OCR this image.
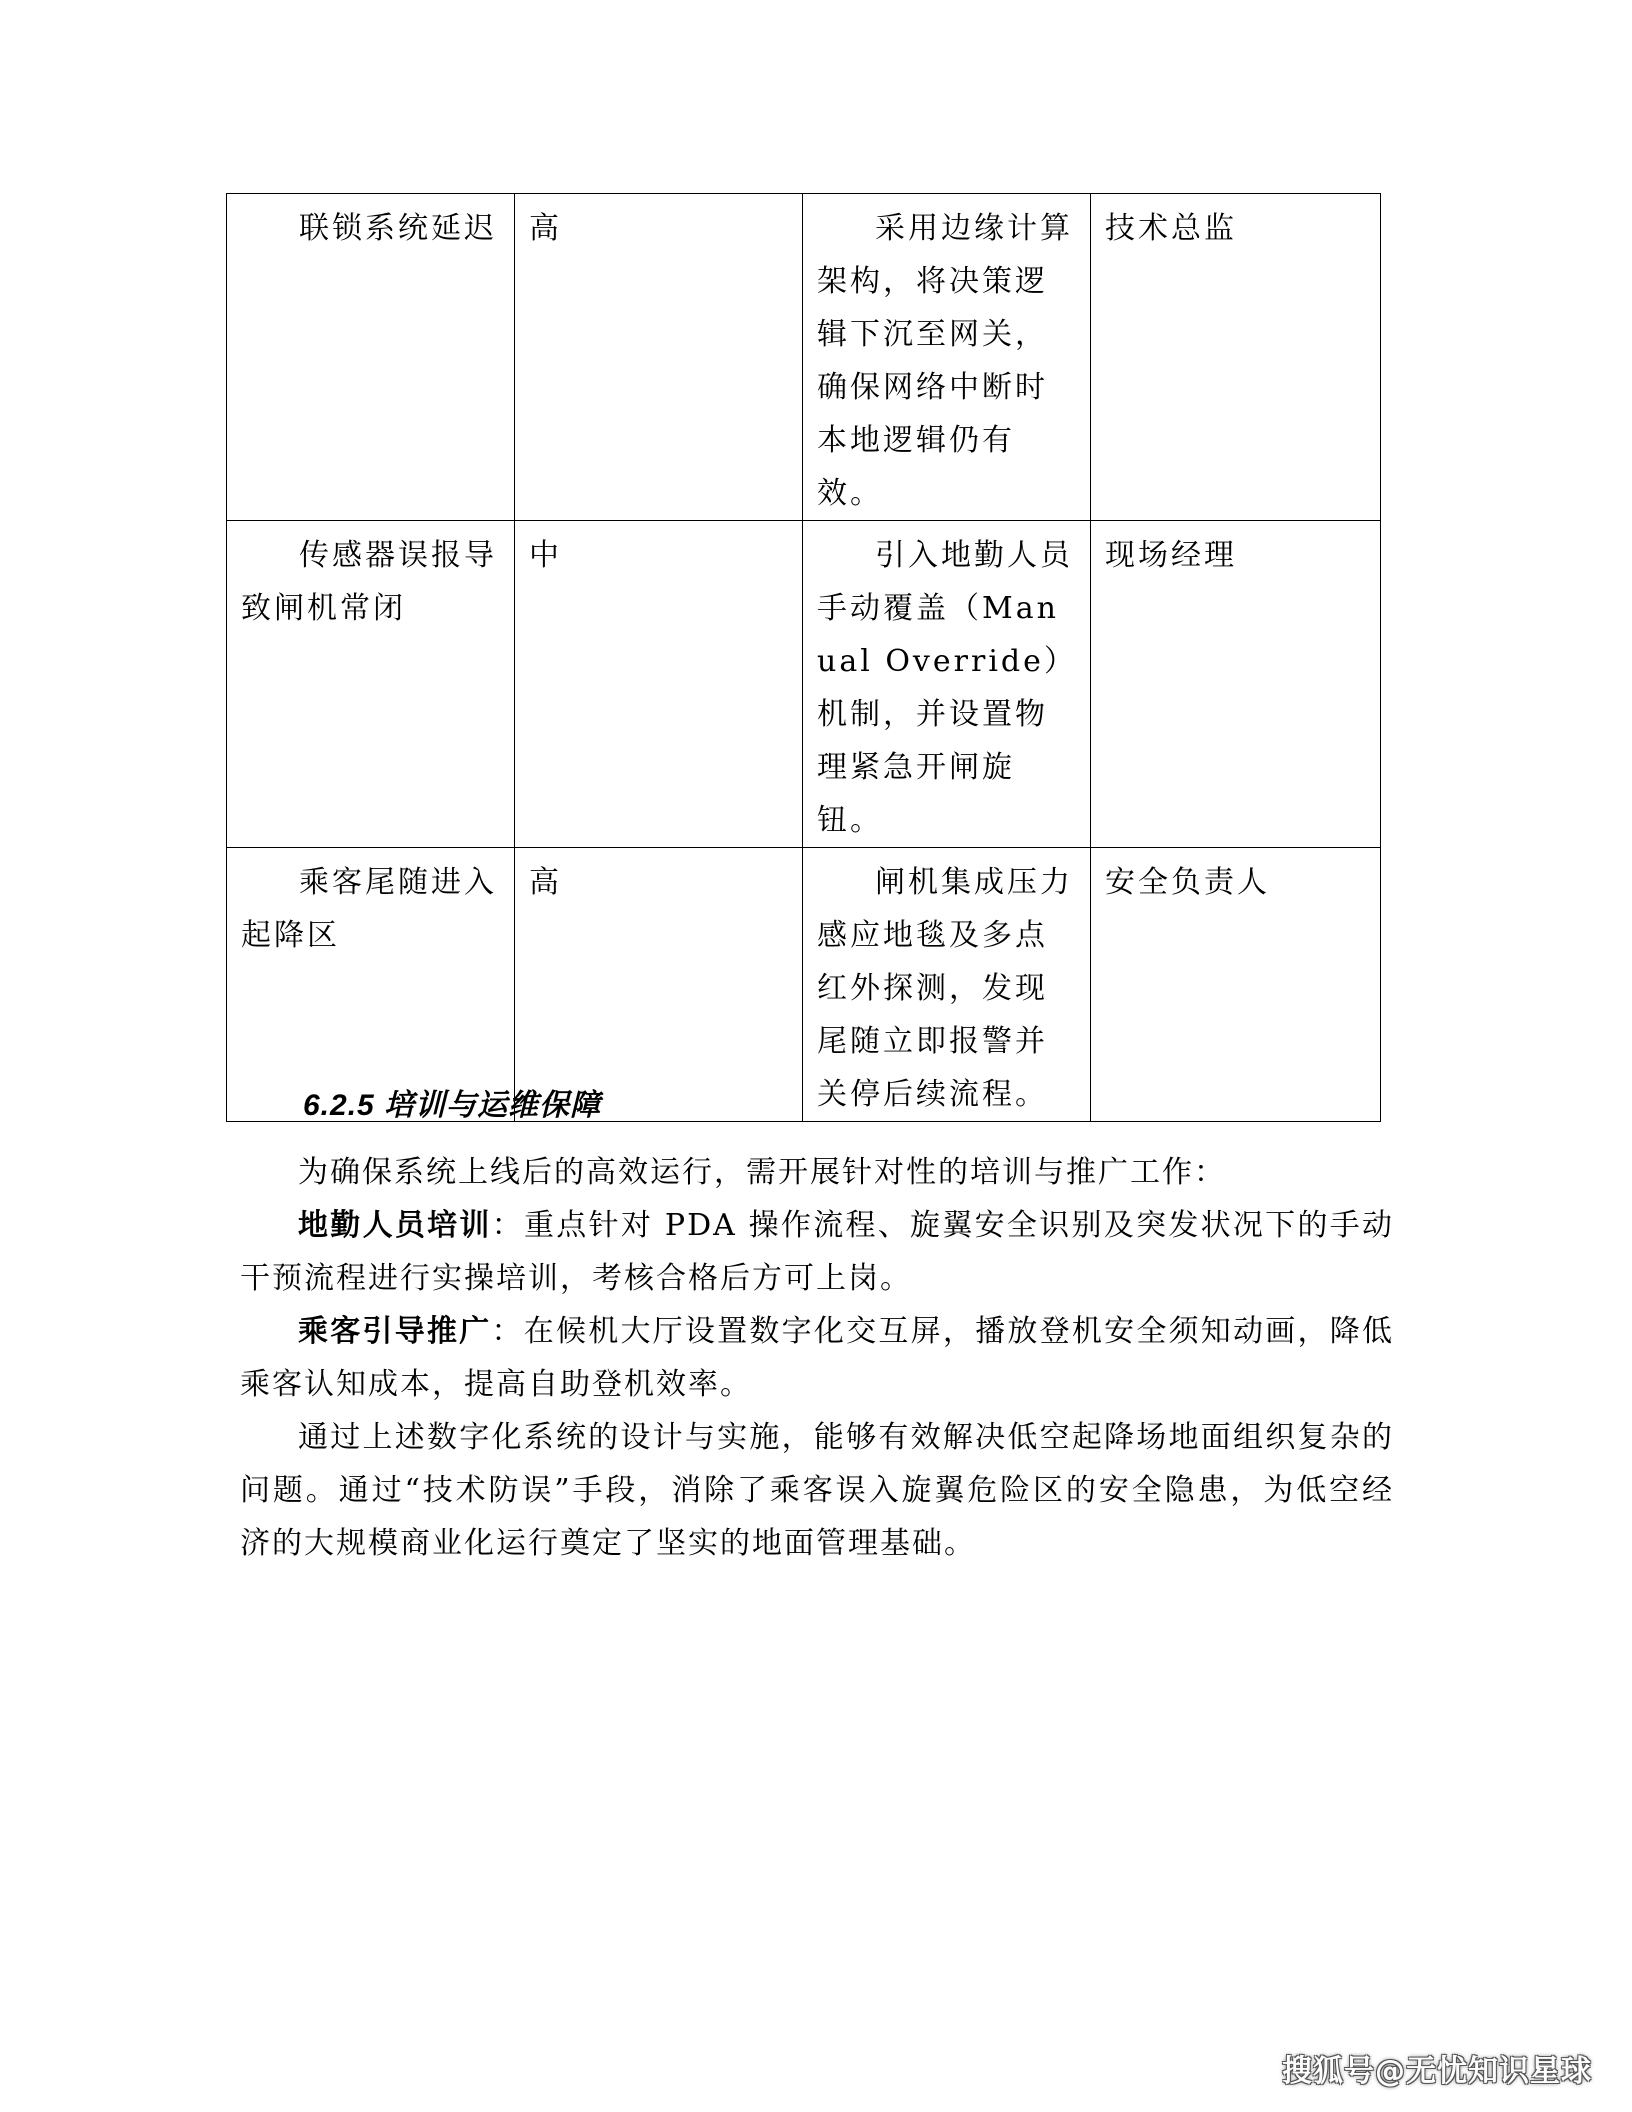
联锁系统延迟	高	采用边缘计算架构，将决策逻辑下沉至网关，确保网络中断时本地逻辑仍有效。	技术总监
传感器误报导致闸机常闭	中	引入地勤人员手动覆盖（Manual Override）机制，并设置物理紧急开闸旋钮。	现场经理
乘客尾随进入起降区	高	闸机集成压力感应地毯及多点红外探测，发现尾随立即报警并关停后续流程。	安全负责人
6.2.5 培训与运维保障

为确保系统上线后的高效运行，需开展针对性的培训与推广工作：

地勤人员培训：重点针对 PDA 操作流程、旋翼安全识别及突发状况下的手动干预流程进行实操培训，考核合格后方可上岗。

乘客引导推广：在候机大厅设置数字化交互屏，播放登机安全须知动画，降低乘客认知成本，提高自助登机效率。

通过上述数字化系统的设计与实施，能够有效解决低空起降场地面组织复杂的问题。通过“技术防误”手段，消除了乘客误入旋翼危险区的安全隐患，为低空经济的大规模商业化运行奠定了坚实的地面管理基础。

搜狐号@无忧知识星球
